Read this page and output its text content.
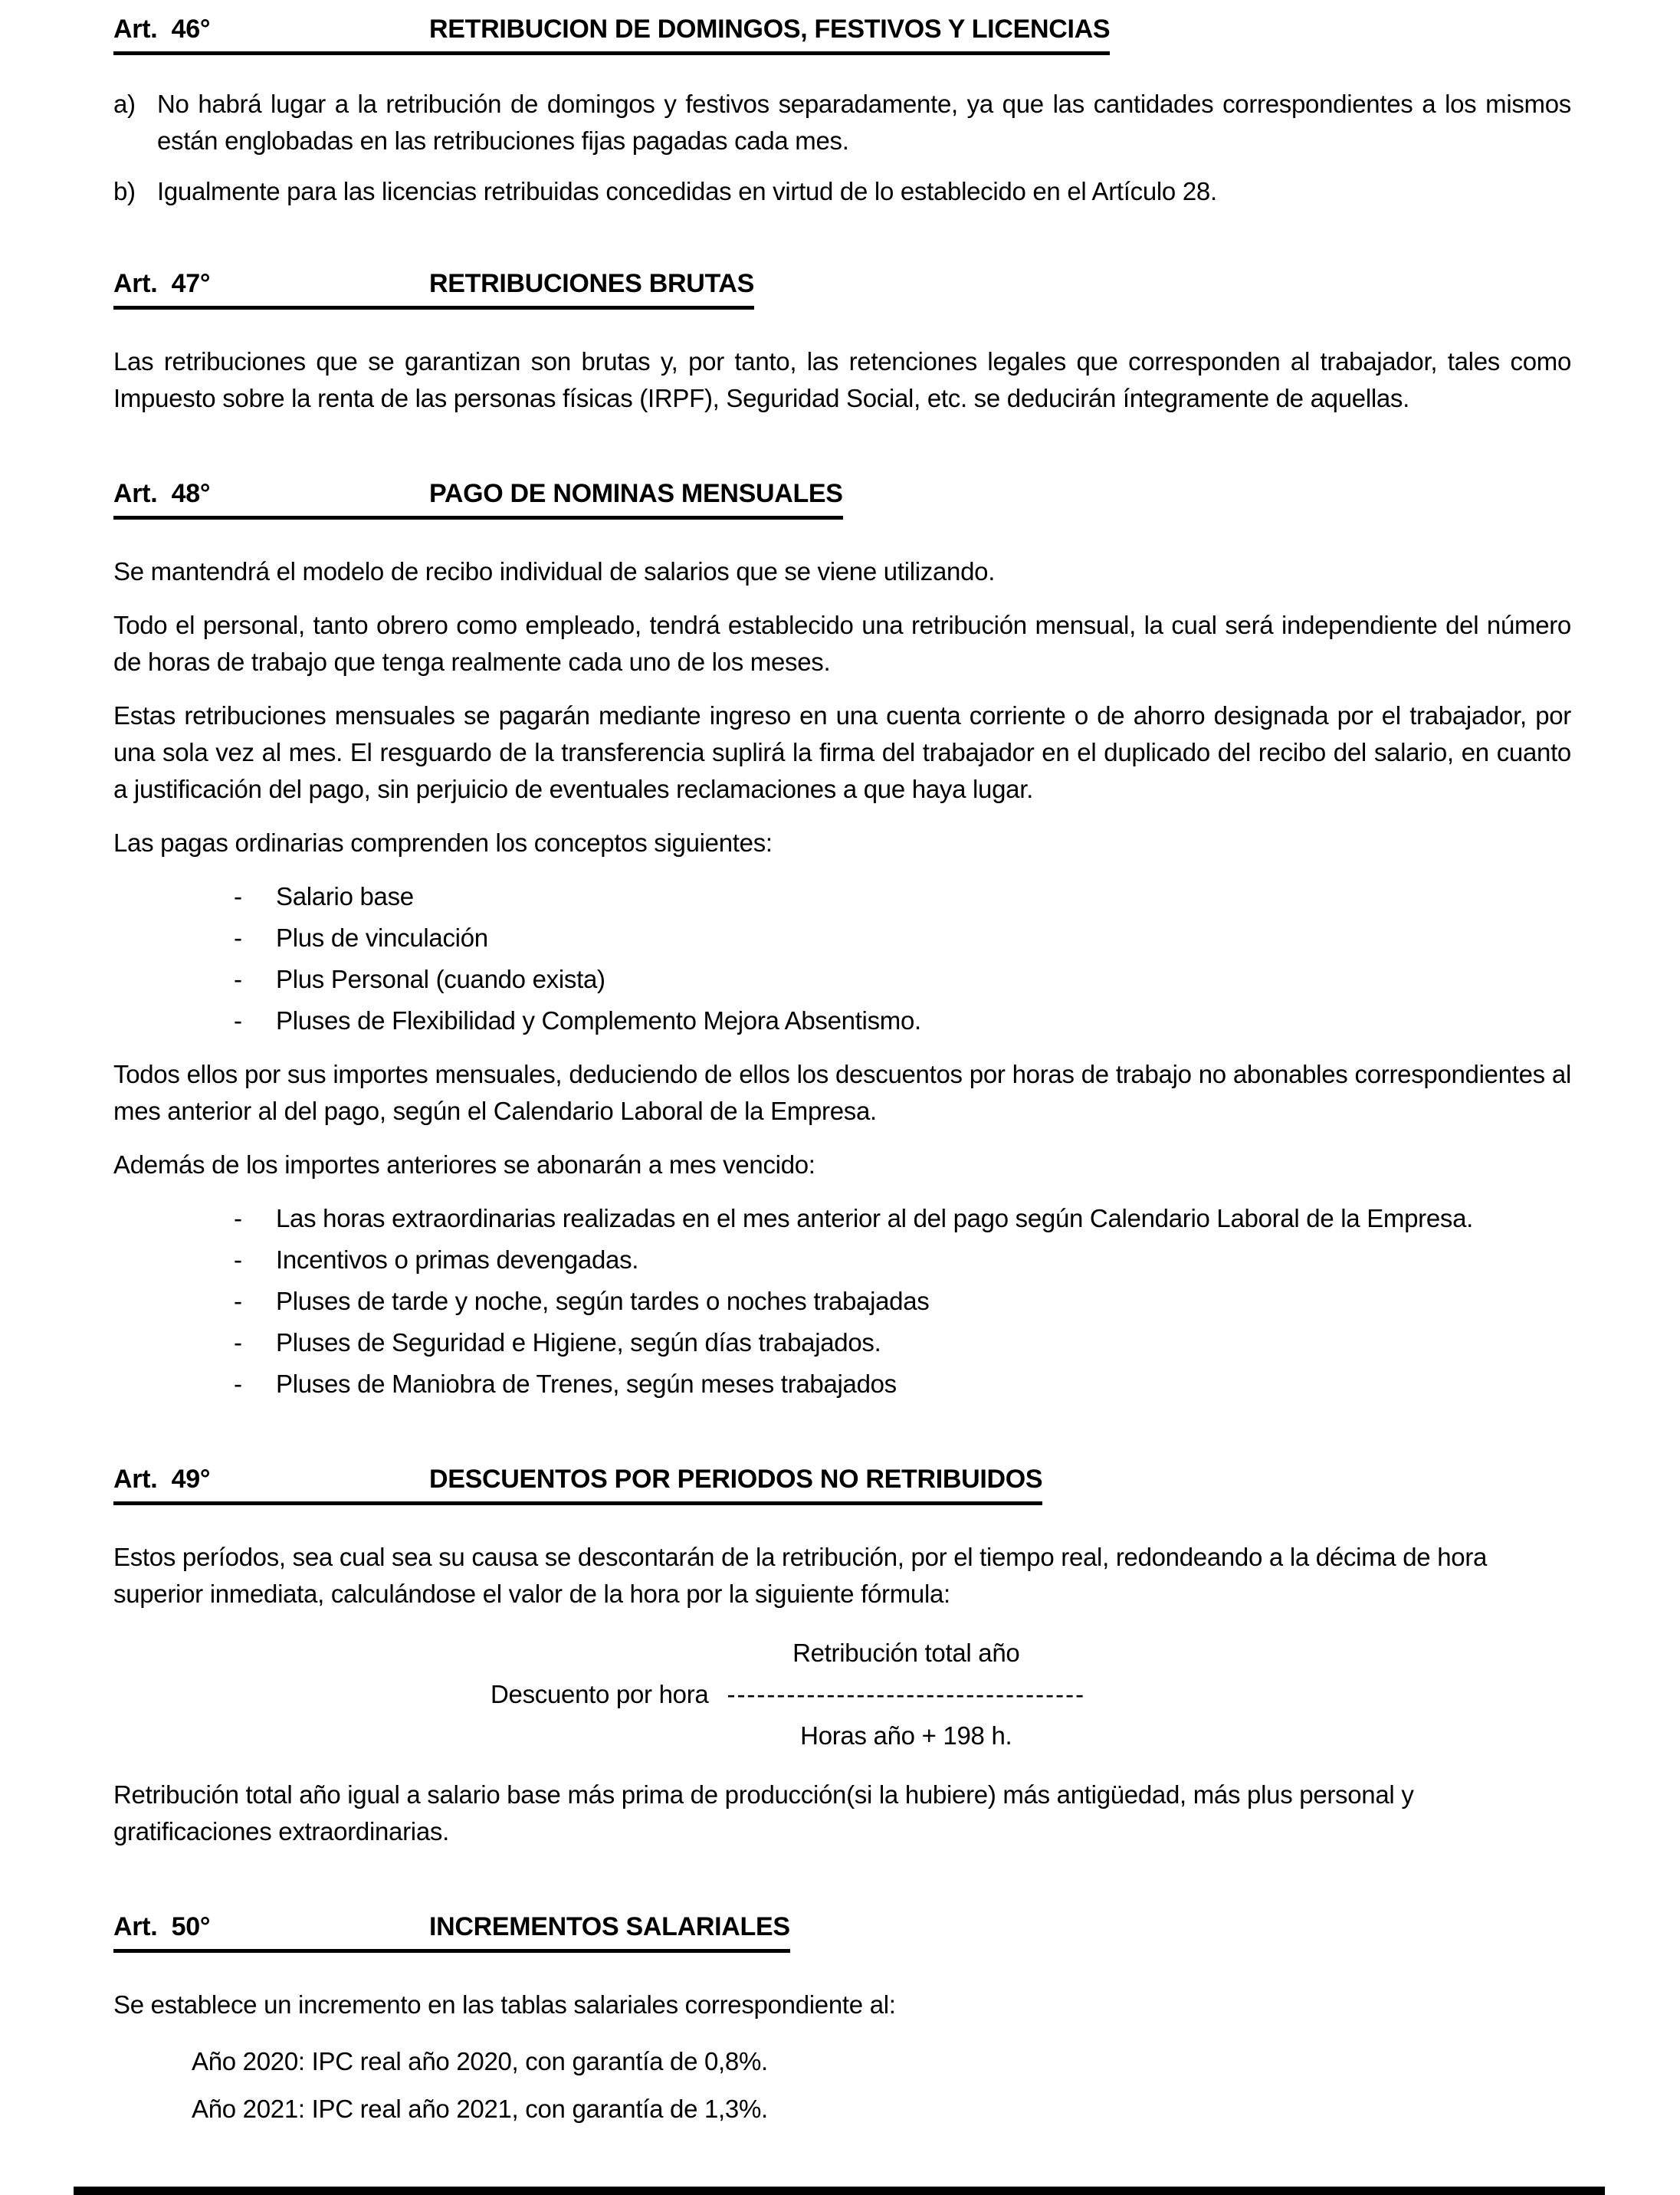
Art.  46°	RETRIBUCION DE DOMINGOS, FESTIVOS Y LICENCIAS
a) No habrá lugar a la retribución de domingos y festivos separadamente, ya que las cantidades correspondientes a los mismos están englobadas en las retribuciones fijas pagadas cada mes.
b) Igualmente para las licencias retribuidas concedidas en virtud de lo establecido en el Artículo 28.
Art.  47°	RETRIBUCIONES BRUTAS
Las retribuciones que se garantizan son brutas y, por tanto, las retenciones legales que corresponden al trabajador, tales como Impuesto sobre la renta de las personas físicas (IRPF), Seguridad Social, etc. se deducirán íntegramente de aquellas.
Art.  48°	PAGO DE NOMINAS MENSUALES
Se mantendrá el modelo de recibo individual de salarios que se viene utilizando.
Todo el personal, tanto obrero como empleado, tendrá establecido una retribución mensual, la cual será independiente del número de horas de trabajo que tenga realmente cada uno de los meses.
Estas retribuciones mensuales se pagarán mediante ingreso en una cuenta corriente o de ahorro designada por el trabajador, por una sola vez al mes. El resguardo de la transferencia suplirá la firma del trabajador en el duplicado del recibo del salario, en cuanto a justificación del pago, sin perjuicio de eventuales reclamaciones a que haya lugar.
Las pagas ordinarias comprenden los conceptos siguientes:
-	Salario base
-	Plus de vinculación
-	Plus Personal (cuando exista)
-	Pluses de Flexibilidad y Complemento Mejora Absentismo.
Todos ellos por sus importes mensuales, deduciendo de ellos los descuentos por horas de trabajo no abonables correspondientes al mes anterior al del pago, según el Calendario Laboral de la Empresa.
Además de los importes anteriores se abonarán a mes vencido:
-	Las horas extraordinarias realizadas en el mes anterior al del pago según Calendario Laboral de la Empresa.
-	Incentivos o primas devengadas.
-	Pluses de tarde y noche, según tardes o noches trabajadas
-	Pluses de Seguridad e Higiene, según días trabajados.
-	Pluses de Maniobra de Trenes, según meses trabajados
Art.  49°	DESCUENTOS POR PERIODOS NO RETRIBUIDOS
Estos períodos, sea cual sea su causa se descontarán de la retribución, por el tiempo real, redondeando a la décima de hora superior inmediata, calculándose el valor de la hora por la siguiente fórmula:
Descuento por hora
Retribución total año
------------------------------------
Horas año + 198 h.
Retribución total año igual a salario base más prima de producción(si la hubiere) más antigüedad, más plus personal y gratificaciones extraordinarias.
Art.  50°	INCREMENTOS SALARIALES
Se establece un incremento en las tablas salariales correspondiente al:
Año 2020: IPC real año 2020, con garantía de 0,8%.
Año 2021: IPC real año 2021, con garantía de 1,3%.
